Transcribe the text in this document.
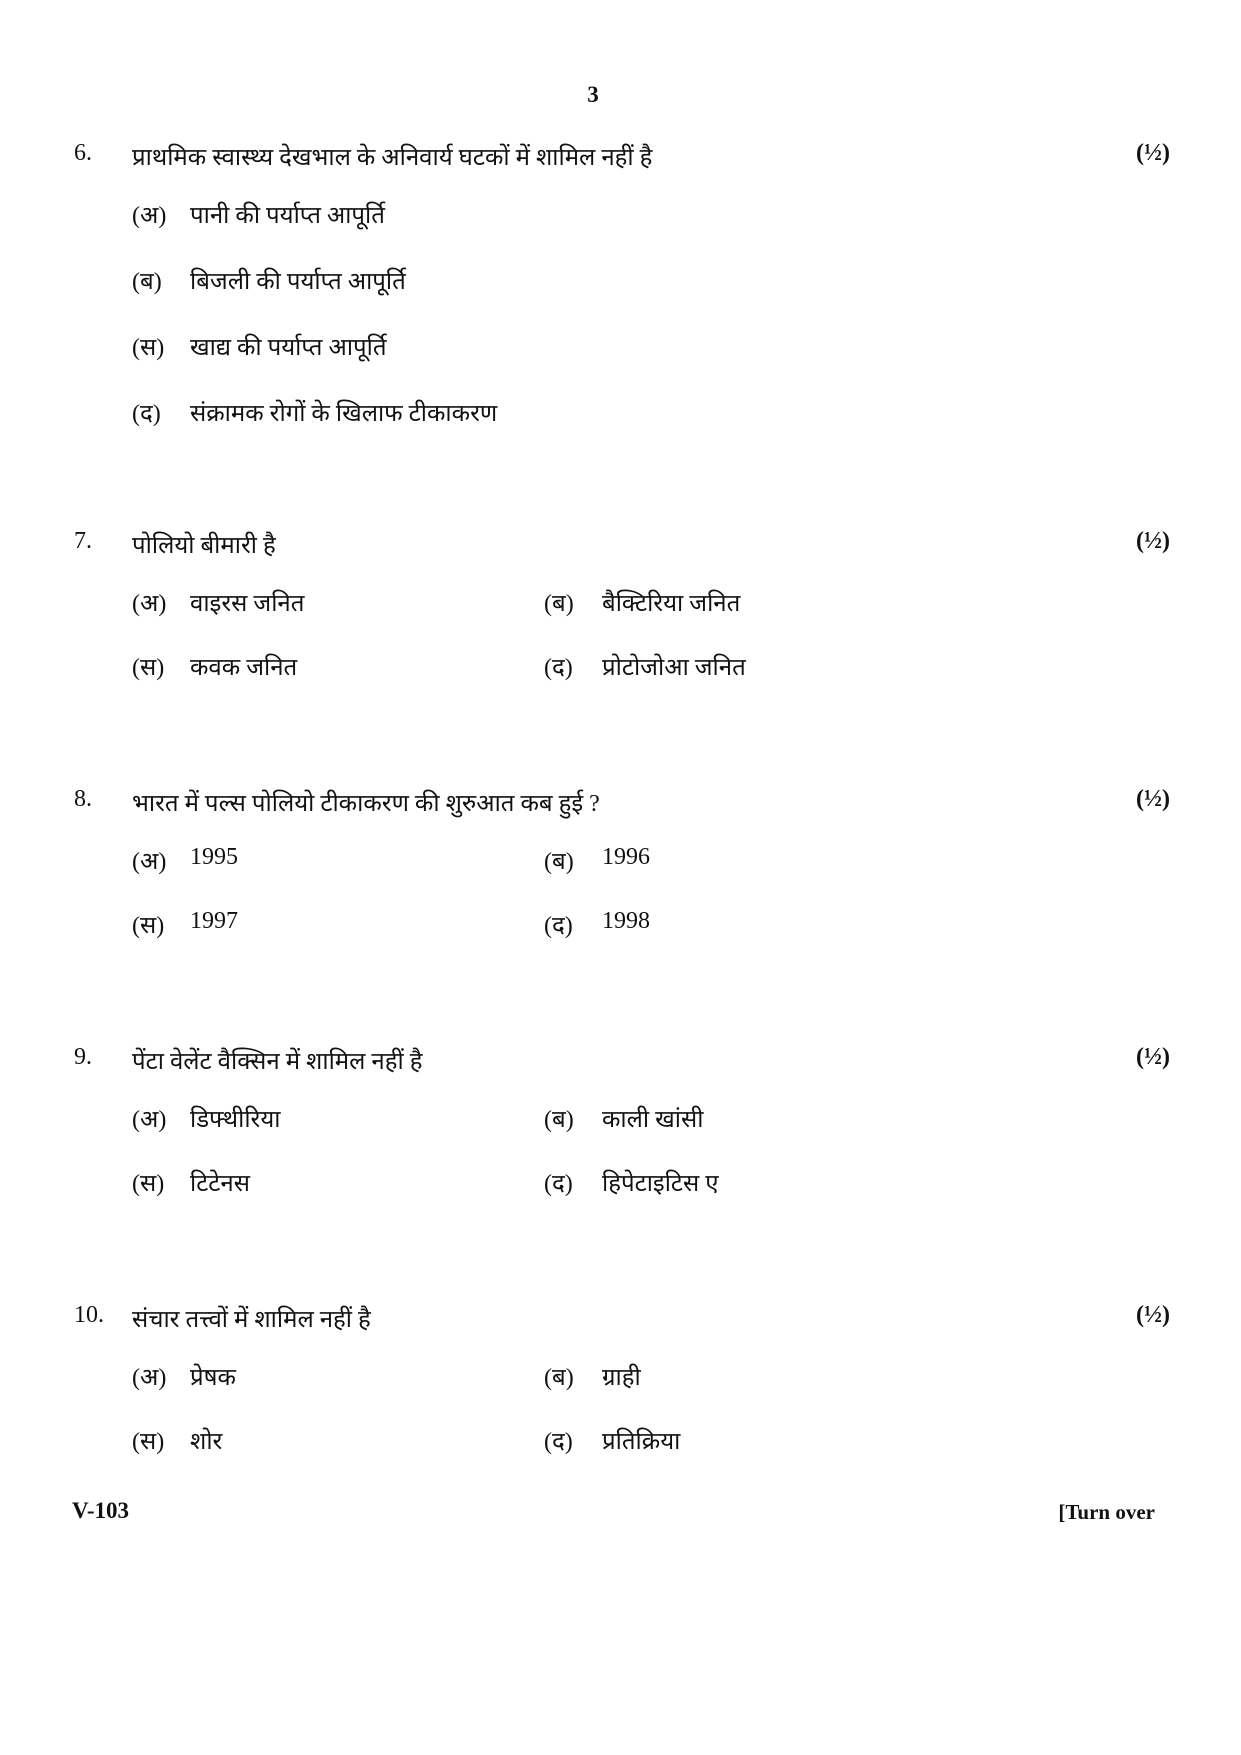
3
6. प्राथमिक स्वास्थ्य देखभाल के अनिवार्य घटकों में शामिल नहीं है	(½)
(अ) पानी की पर्याप्त आपूर्ति
(ब) बिजली की पर्याप्त आपूर्ति
(स) खाद्य की पर्याप्त आपूर्ति
(द) संक्रामक रोगों के खिलाफ टीकाकरण
7. पोलियो बीमारी है	(½)
(अ) वाइरस जनित	(ब) बैक्टिरिया जनित
(स) कवक जनित	(द) प्रोटोजोआ जनित
8. भारत में पल्स पोलियो टीकाकरण की शुरुआत कब हुई ?	(½)
(अ) 1995	(ब) 1996
(स) 1997	(द) 1998
9. पेंटा वेलेंट वैक्सिन में शामिल नहीं है	(½)
(अ) डिफ्थीरिया	(ब) काली खांसी
(स) टिटेनस	(द) हिपेटाइटिस ए
10. संचार तत्त्वों में शामिल नहीं है	(½)
(अ) प्रेषक	(ब) ग्राही
(स) शोर	(द) प्रतिक्रिया
V-103	[Turn over
